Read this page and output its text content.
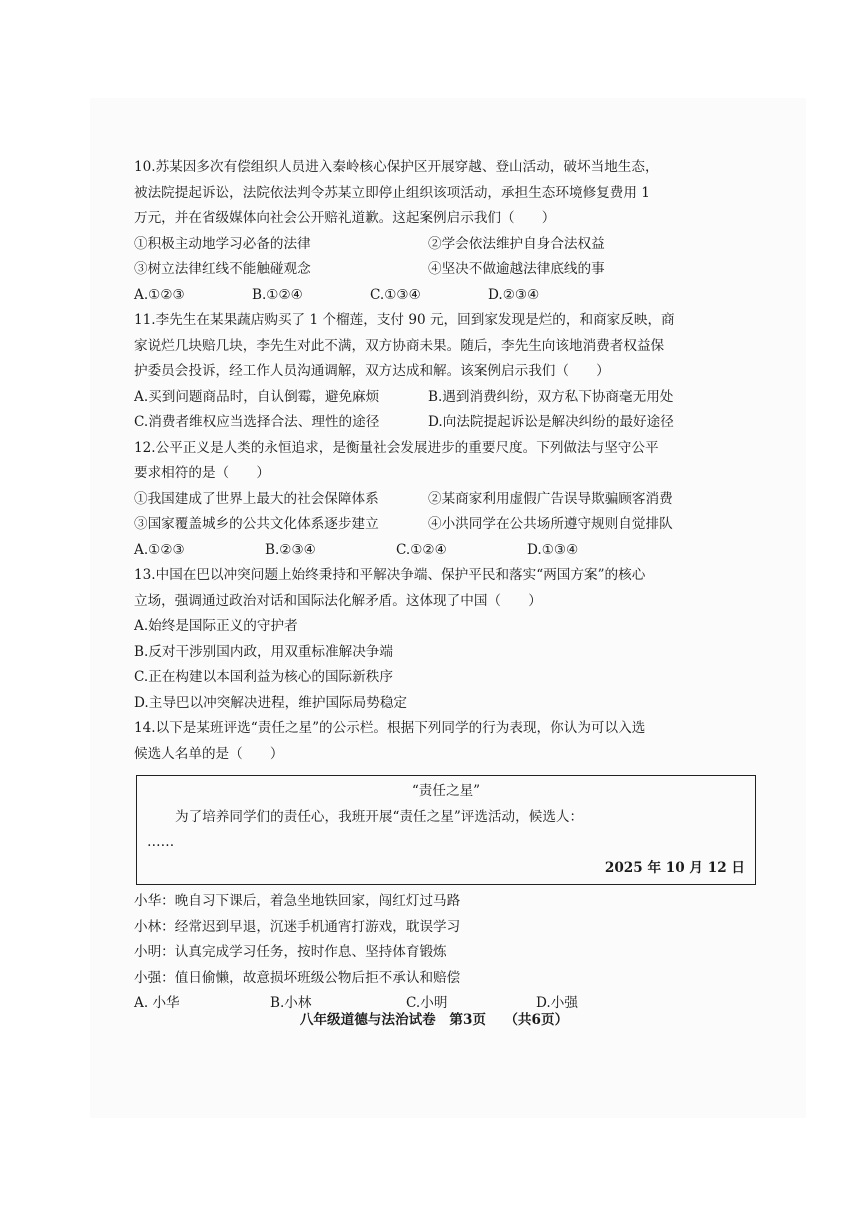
10.苏某因多次有偿组织人员进入秦岭核心保护区开展穿越、登山活动，破坏当地生态，
被法院提起诉讼，法院依法判令苏某立即停止组织该项活动，承担生态环境修复费用 1
万元，并在省级媒体向社会公开赔礼道歉。这起案例启示我们（　　）
①积极主动地学习必备的法律	②学会依法维护自身合法权益
③树立法律红线不能触碰观念	④坚决不做逾越法律底线的事
A.①②③	B.①②④	C.①③④	D.②③④
11.李先生在某果蔬店购买了 1 个榴莲，支付 90 元，回到家发现是烂的，和商家反映，商
家说烂几块赔几块，李先生对此不满，双方协商未果。随后，李先生向该地消费者权益保
护委员会投诉，经工作人员沟通调解，双方达成和解。该案例启示我们（　　）
A.买到问题商品时，自认倒霉，避免麻烦	B.遇到消费纠纷，双方私下协商毫无用处
C.消费者维权应当选择合法、理性的途径	D.向法院提起诉讼是解决纠纷的最好途径
12.公平正义是人类的永恒追求，是衡量社会发展进步的重要尺度。下列做法与坚守公平
要求相符的是（　　）
①我国建成了世界上最大的社会保障体系	②某商家利用虚假广告误导欺骗顾客消费
③国家覆盖城乡的公共文化体系逐步建立	④小洪同学在公共场所遵守规则自觉排队
A.①②③	B.②③④	C.①②④	D.①③④
13.中国在巴以冲突问题上始终秉持和平解决争端、保护平民和落实“两国方案”的核心
立场，强调通过政治对话和国际法化解矛盾。这体现了中国（　　）
A.始终是国际正义的守护者
B.反对干涉别国内政，用双重标准解决争端
C.正在构建以本国利益为核心的国际新秩序
D.主导巴以冲突解决进程，维护国际局势稳定
14.以下是某班评选“责任之星”的公示栏。根据下列同学的行为表现，你认为可以入选
候选人名单的是（　　）
“责任之星”
为了培养同学们的责任心，我班开展“责任之星”评选活动，候选人：
……
2025 年 10 月 12 日
小华：晚自习下课后，着急坐地铁回家，闯红灯过马路
小林：经常迟到早退，沉迷手机通宵打游戏，耽误学习
小明：认真完成学习任务，按时作息、坚持体育锻炼
小强：值日偷懒，故意损坏班级公物后拒不承认和赔偿
A. 小华	B.小林	C.小明	D.小强
八年级道德与法治试卷　第3页　 （共6页）
